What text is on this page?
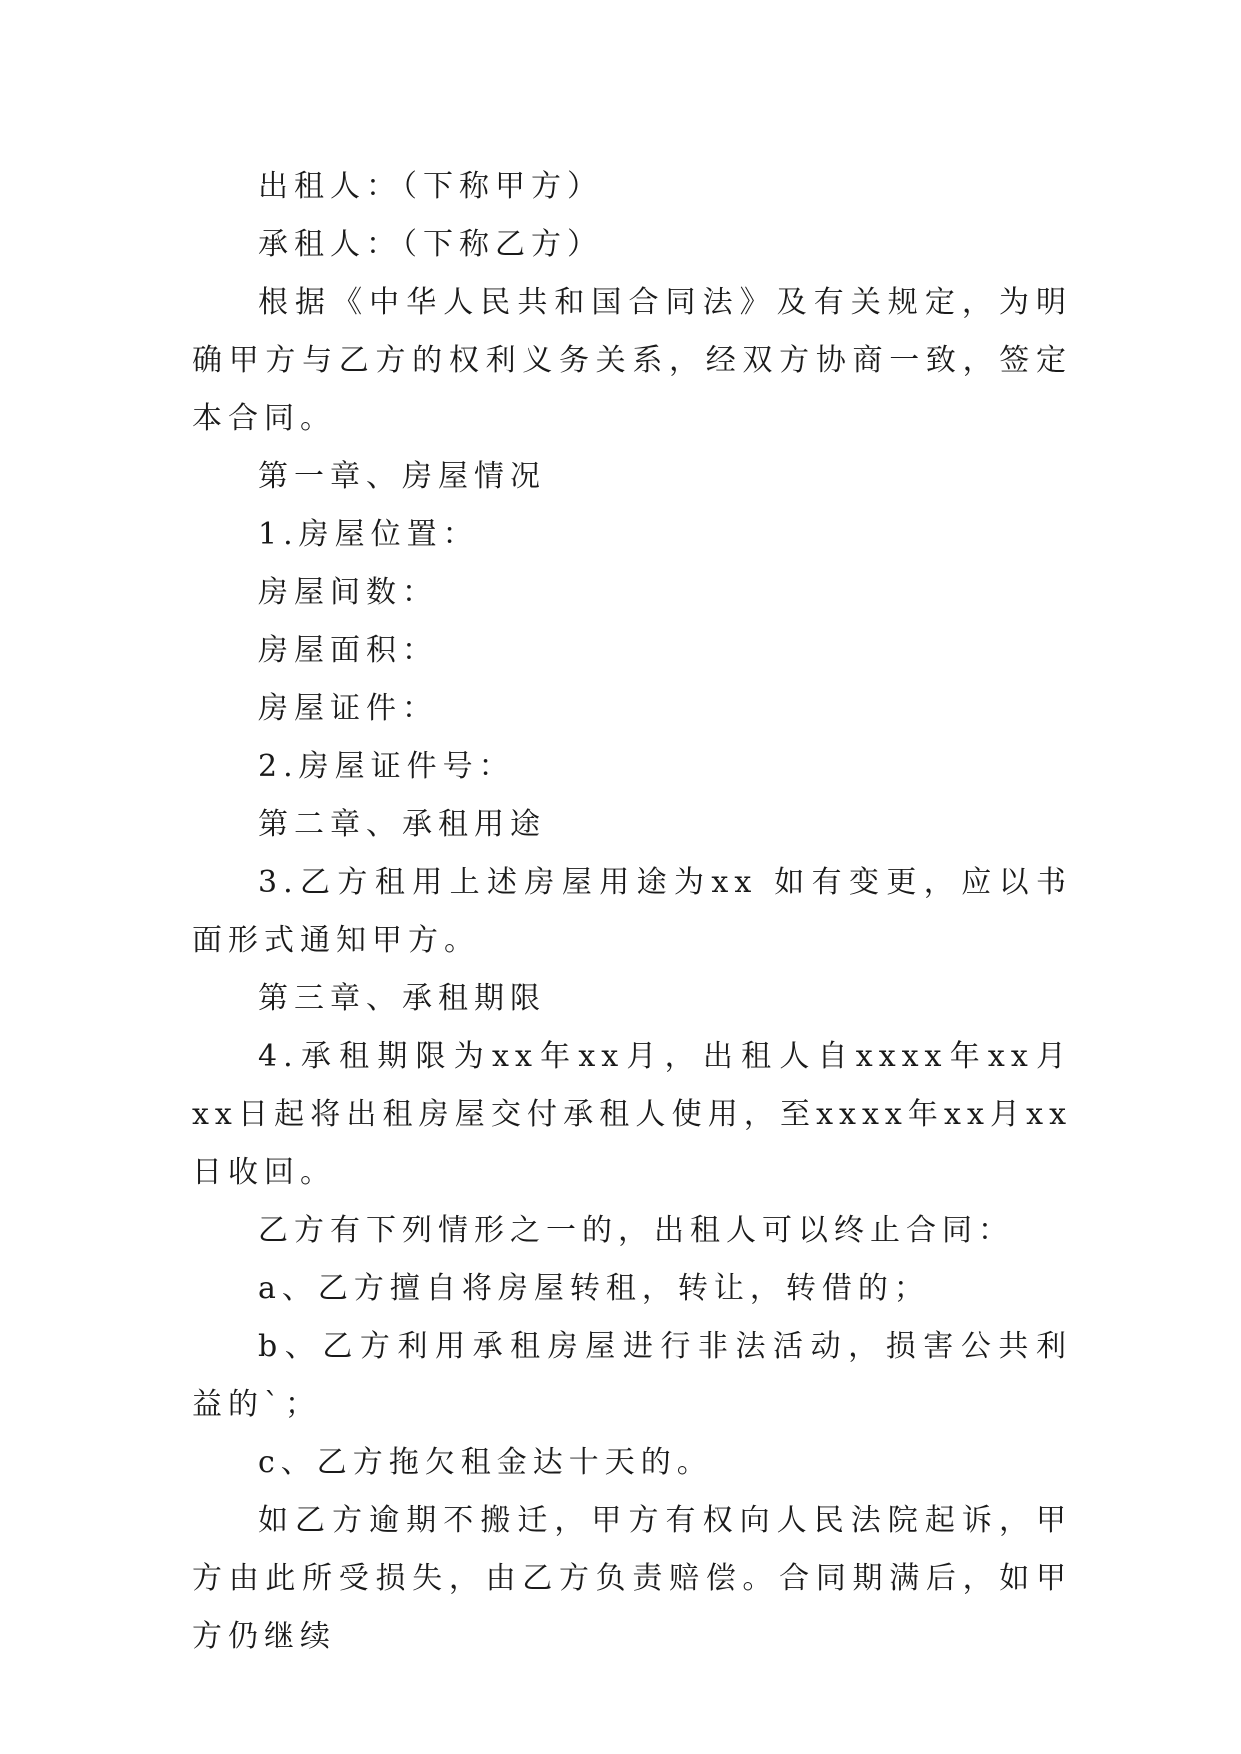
出租人：（下称甲方）

承租人：（下称乙方）

根据《中华人民共和国合同法》及有关规定，为明确甲方与乙方的权利义务关系，经双方协商一致，签定本合同。

第一章、房屋情况

1.房屋位置：

房屋间数：

房屋面积：

房屋证件：

2.房屋证件号：

第二章、承租用途

3.乙方租用上述房屋用途为xx 如有变更，应以书面形式通知甲方。

第三章、承租期限

4.承租期限为xx年xx月，出租人自xxxx年xx月xx日起将出租房屋交付承租人使用，至xxxx年xx月xx日收回。

乙方有下列情形之一的，出租人可以终止合同：

a、乙方擅自将房屋转租，转让，转借的；

b、乙方利用承租房屋进行非法活动，损害公共利益的`；

c、乙方拖欠租金达十天的。

如乙方逾期不搬迁，甲方有权向人民法院起诉，甲方由此所受损失，由乙方负责赔偿。合同期满后，如甲方仍继续
